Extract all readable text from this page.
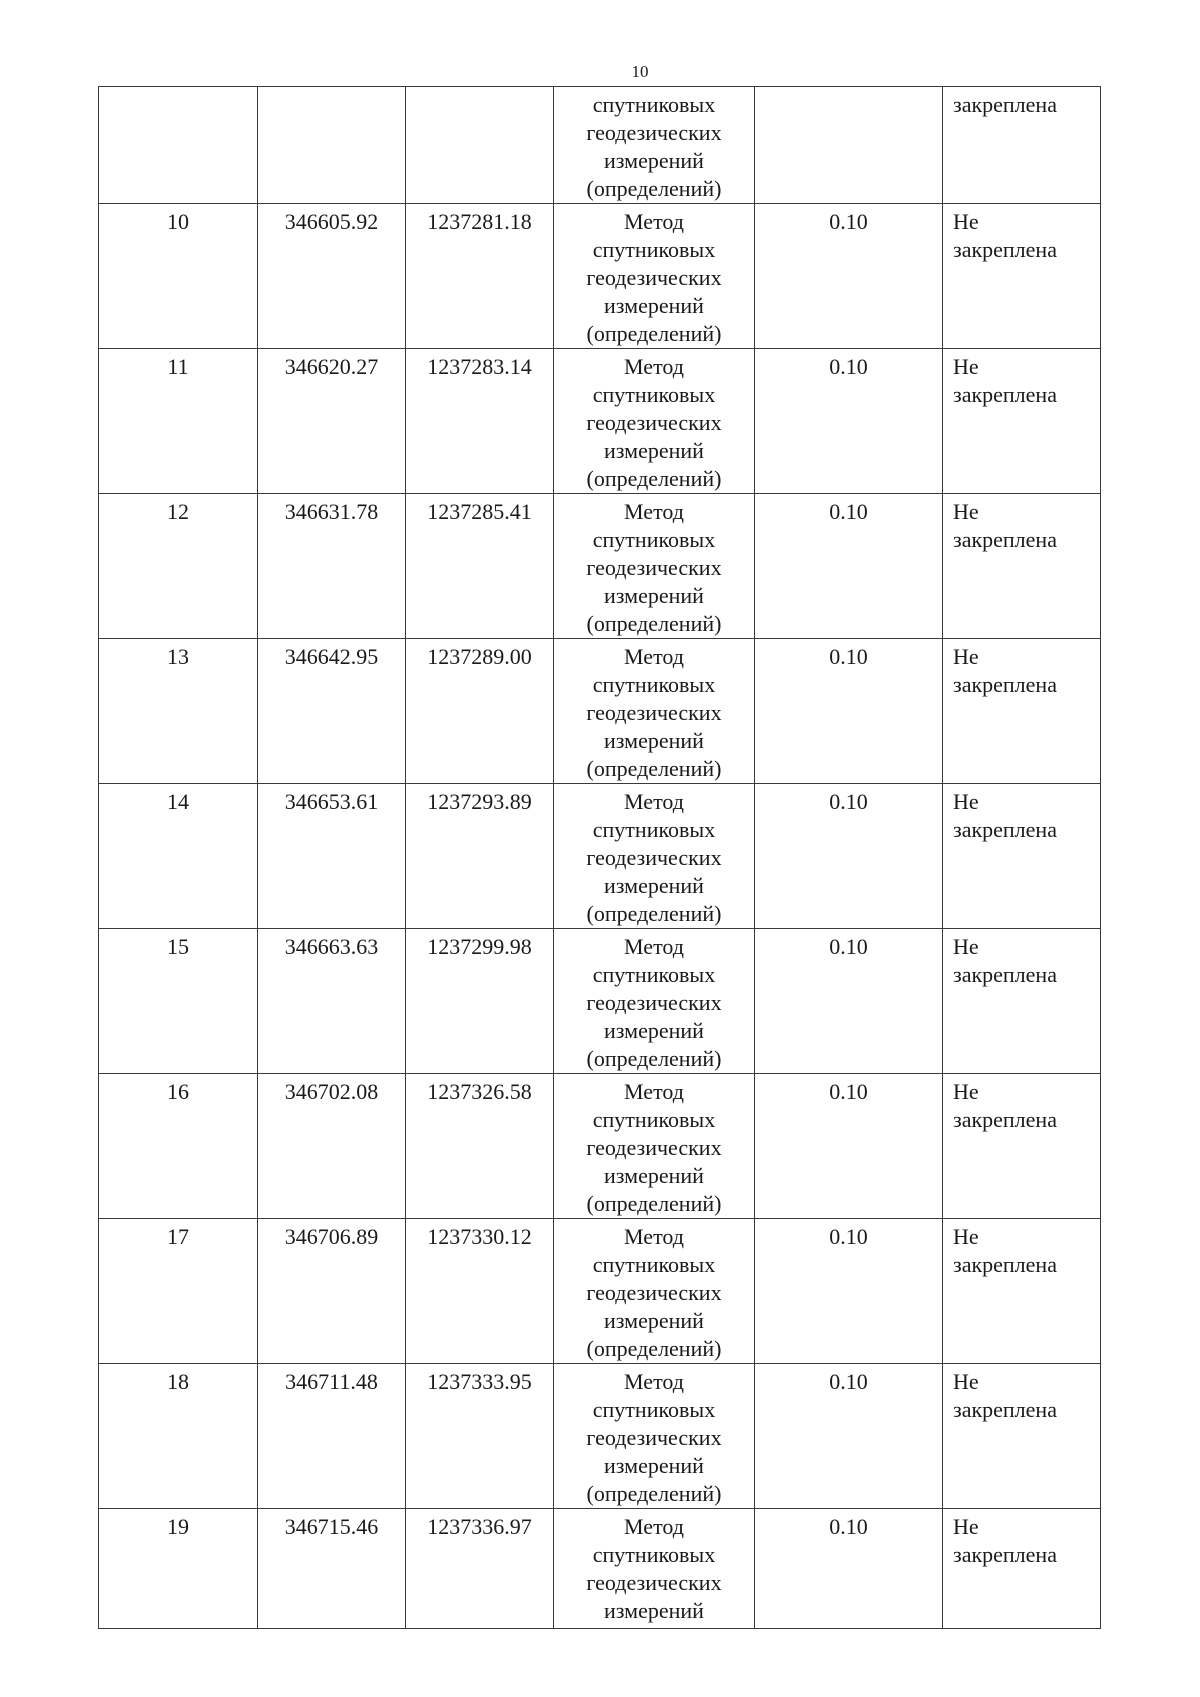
10
			спутниковых
геодезических
измерений
(определений)		закреплена
10	346605.92	1237281.18	Метод
спутниковых
геодезических
измерений
(определений)	0.10	Не
закреплена
11	346620.27	1237283.14	Метод
спутниковых
геодезических
измерений
(определений)	0.10	Не
закреплена
12	346631.78	1237285.41	Метод
спутниковых
геодезических
измерений
(определений)	0.10	Не
закреплена
13	346642.95	1237289.00	Метод
спутниковых
геодезических
измерений
(определений)	0.10	Не
закреплена
14	346653.61	1237293.89	Метод
спутниковых
геодезических
измерений
(определений)	0.10	Не
закреплена
15	346663.63	1237299.98	Метод
спутниковых
геодезических
измерений
(определений)	0.10	Не
закреплена
16	346702.08	1237326.58	Метод
спутниковых
геодезических
измерений
(определений)	0.10	Не
закреплена
17	346706.89	1237330.12	Метод
спутниковых
геодезических
измерений
(определений)	0.10	Не
закреплена
18	346711.48	1237333.95	Метод
спутниковых
геодезических
измерений
(определений)	0.10	Не
закреплена
19	346715.46	1237336.97	Метод
спутниковых
геодезических
измерений	0.10	Не
закреплена
